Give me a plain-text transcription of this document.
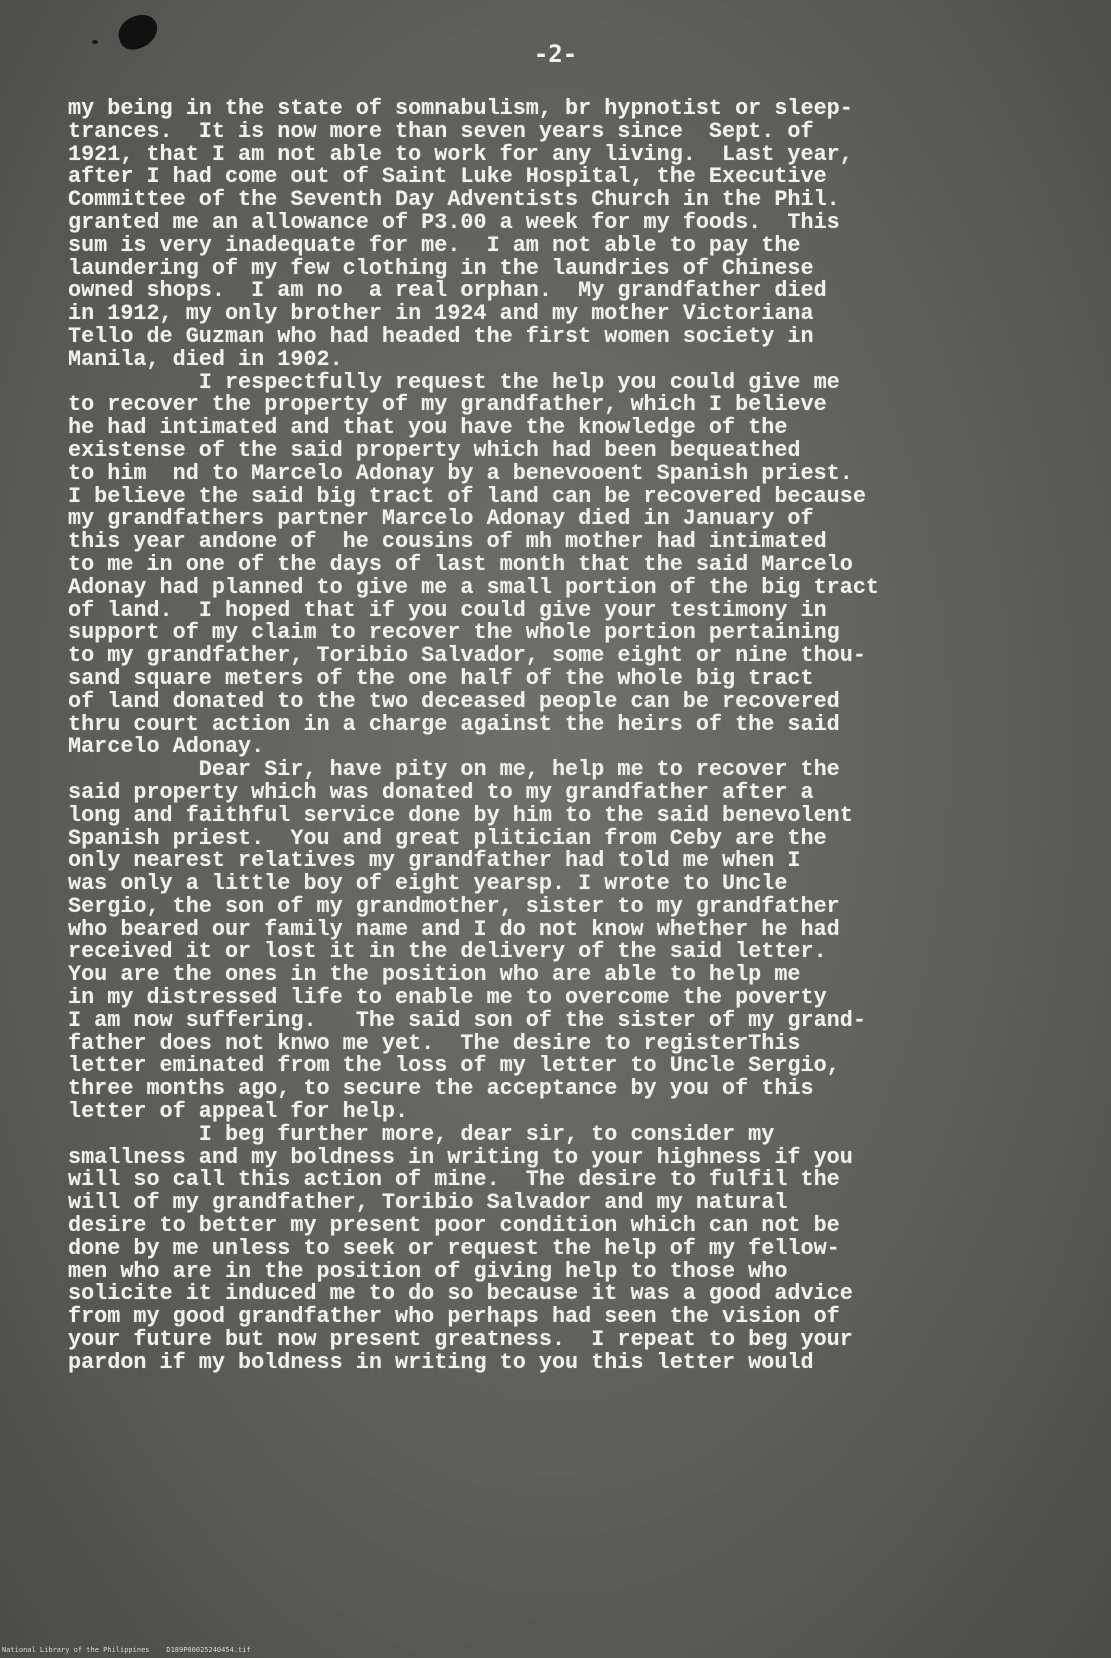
-2-
my being in the state of somnabulism, br hypnotist or sleep-
trances.  It is now more than seven years since  Sept. of
1921, that I am not able to work for any living.  Last year,
after I had come out of Saint Luke Hospital, the Executive
Committee of the Seventh Day Adventists Church in the Phil.
granted me an allowance of P3.00 a week for my foods.  This
sum is very inadequate for me.  I am not able to pay the
laundering of my few clothing in the laundries of Chinese
owned shops.  I am no  a real orphan.  My grandfather died
in 1912, my only brother in 1924 and my mother Victoriana
Tello de Guzman who had headed the first women society in
Manila, died in 1902.
I respectfully request the help you could give me
to recover the property of my grandfather, which I believe
he had intimated and that you have the knowledge of the
existense of the said property which had been bequeathed
to him  nd to Marcelo Adonay by a benevooent Spanish priest.
I believe the said big tract of land can be recovered because
my grandfathers partner Marcelo Adonay died in January of
this year andone of  he cousins of mh mother had intimated
to me in one of the days of last month that the said Marcelo
Adonay had planned to give me a small portion of the big tract
of land.  I hoped that if you could give your testimony in
support of my claim to recover the whole portion pertaining
to my grandfather, Toribio Salvador, some eight or nine thou-
sand square meters of the one half of the whole big tract
of land donated to the two deceased people can be recovered
thru court action in a charge against the heirs of the said
Marcelo Adonay.
Dear Sir, have pity on me, help me to recover the
said property which was donated to my grandfather after a
long and faithful service done by him to the said benevolent
Spanish priest.  You and great plitician from Ceby are the
only nearest relatives my grandfather had told me when I
was only a little boy of eight yearsp. I wrote to Uncle
Sergio, the son of my grandmother, sister to my grandfather
who beared our family name and I do not know whether he had
received it or lost it in the delivery of the said letter.
You are the ones in the position who are able to help me
in my distressed life to enable me to overcome the poverty
I am now suffering.   The said son of the sister of my grand-
father does not knwo me yet.  The desire to registerThis
letter eminated from the loss of my letter to Uncle Sergio,
three months ago, to secure the acceptance by you of this
letter of appeal for help.
I beg further more, dear sir, to consider my
smallness and my boldness in writing to your highness if you
will so call this action of mine.  The desire to fulfil the
will of my grandfather, Toribio Salvador and my natural
desire to better my present poor condition which can not be
done by me unless to seek or request the help of my fellow-
men who are in the position of giving help to those who
solicite it induced me to do so because it was a good advice
from my good grandfather who perhaps had seen the vision of
your future but now present greatness.  I repeat to beg your
pardon if my boldness in writing to you this letter would
National Library of the Philippines    D189P00025240454.tif
